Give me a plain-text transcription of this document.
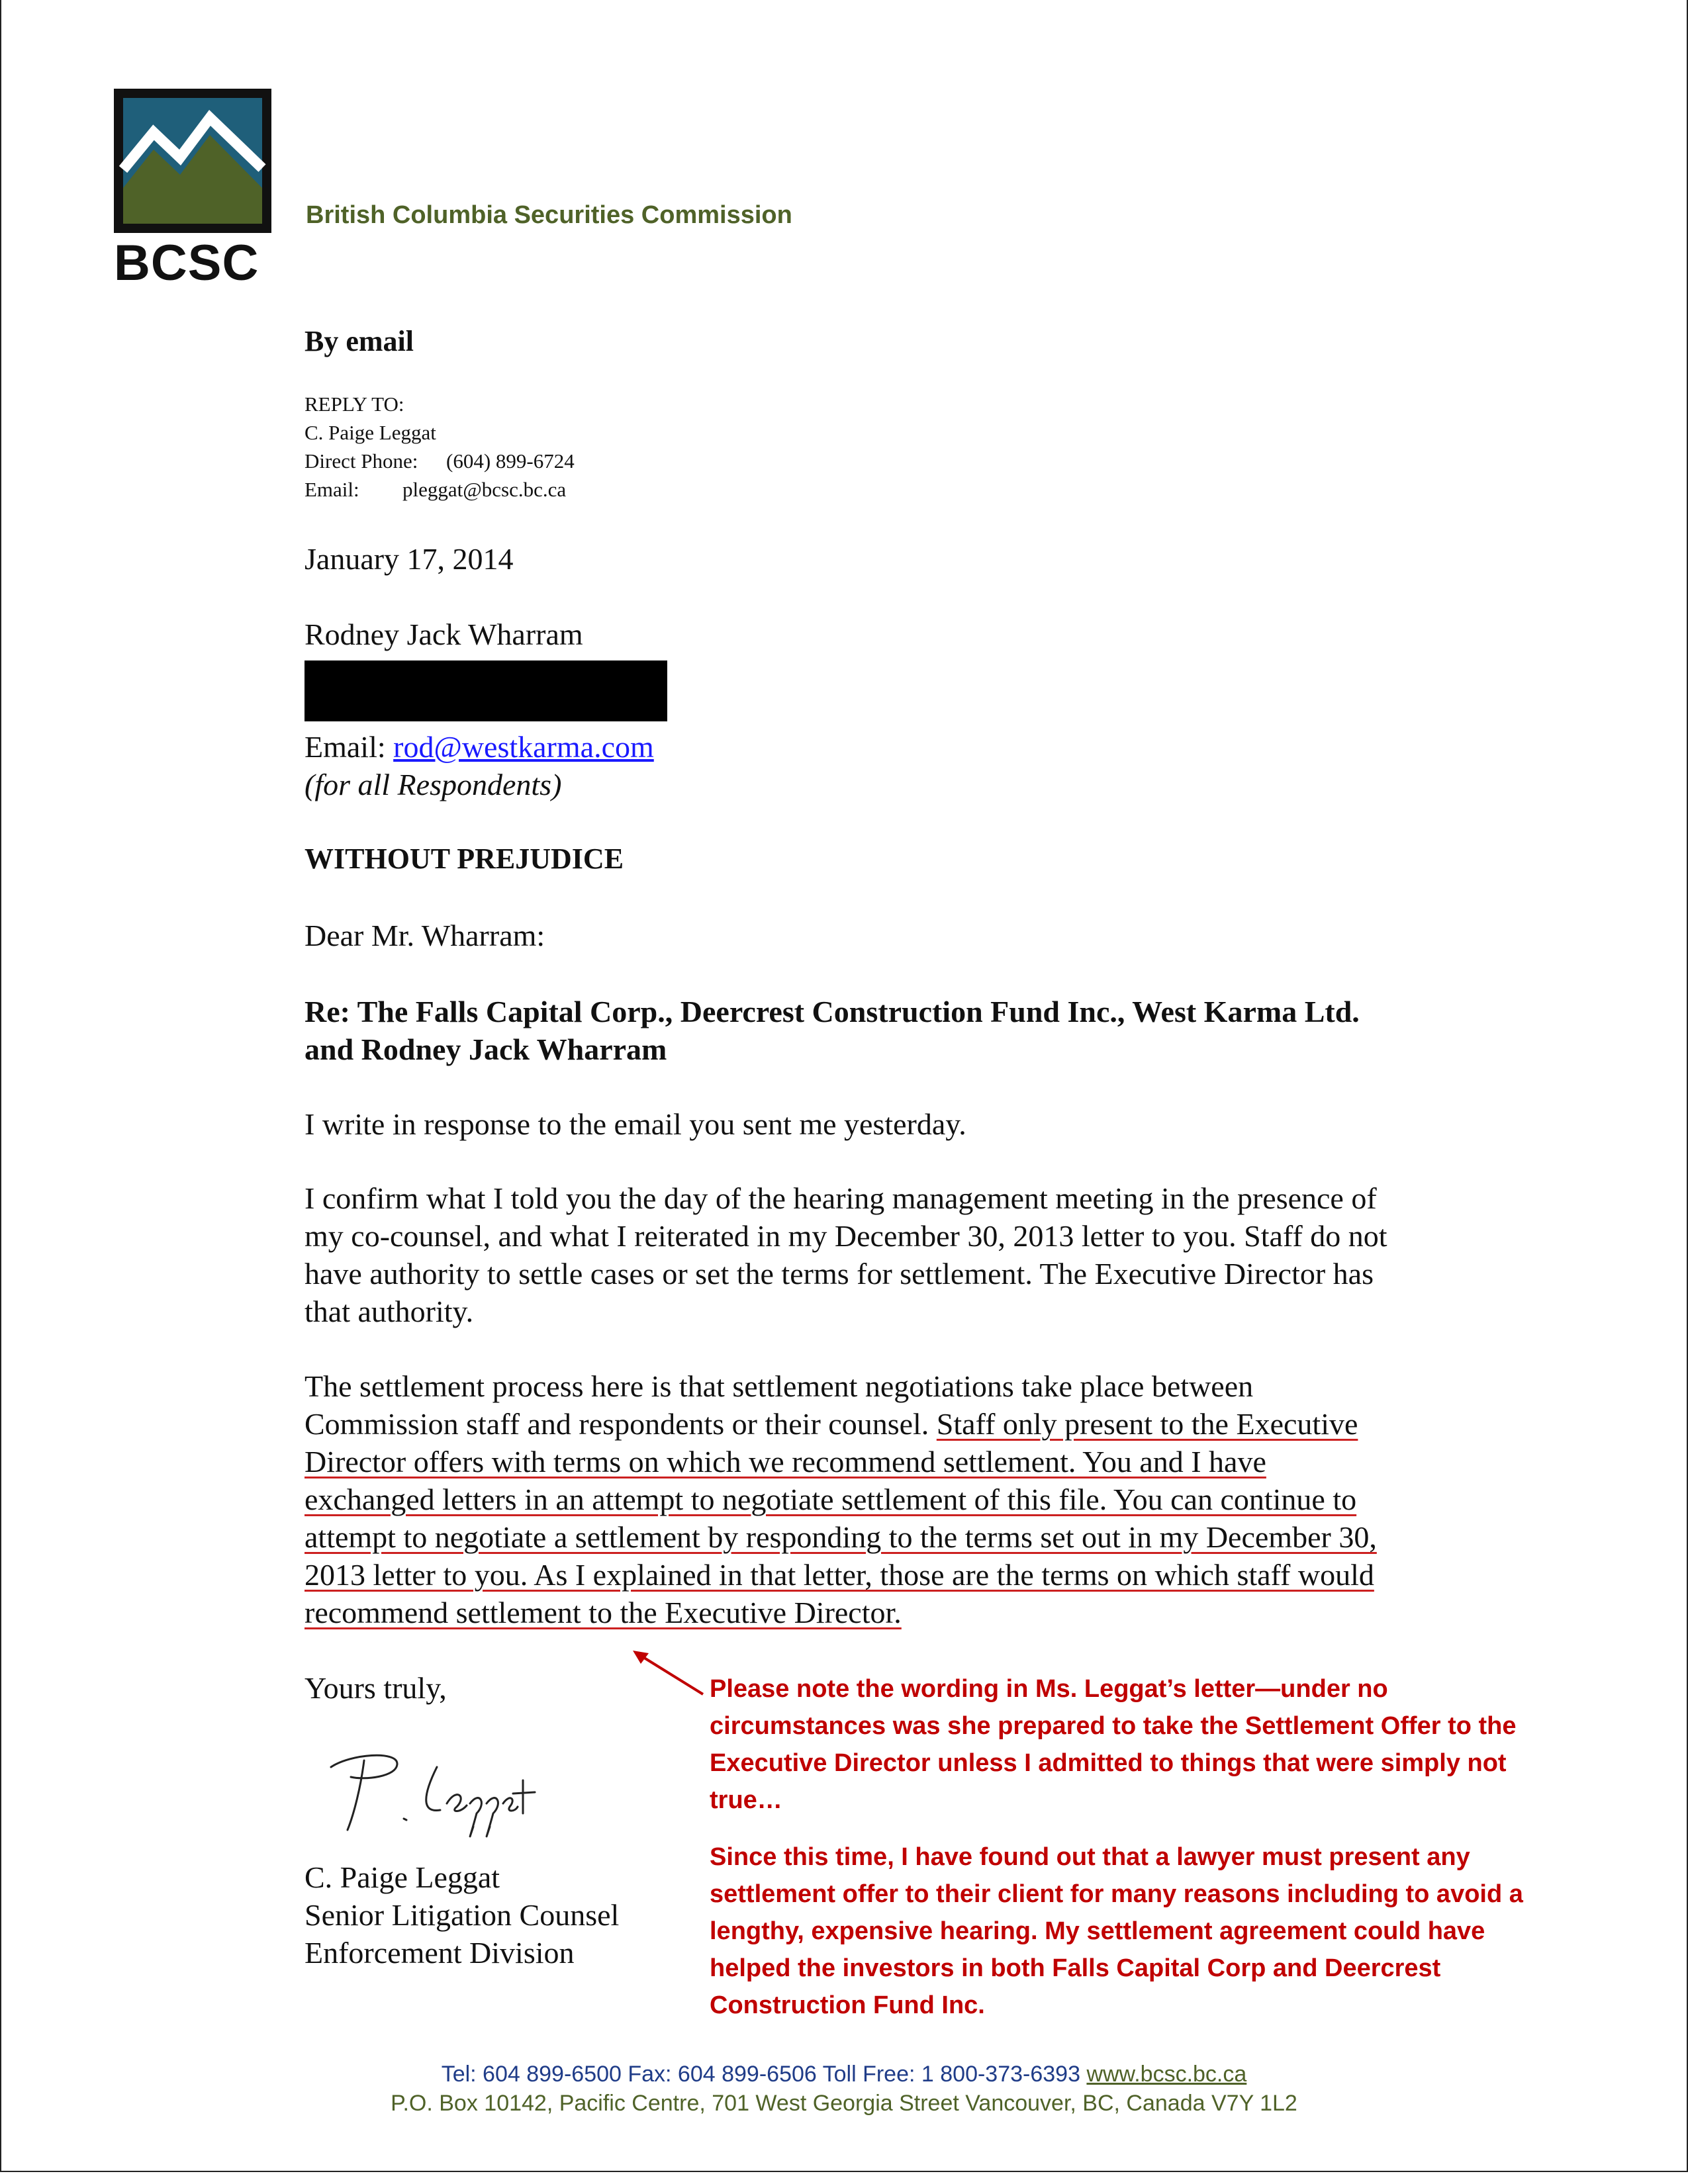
BCSC
British Columbia Securities Commission
By email
REPLY TO:
C. Paige Leggat
Direct Phone: (604) 899-6724
Email: pleggat@bcsc.bc.ca
January 17, 2014
Rodney Jack Wharram
Email: rod@westkarma.com
(for all Respondents)
WITHOUT PREJUDICE
Dear Mr. Wharram:
Re: The Falls Capital Corp., Deercrest Construction Fund Inc., West Karma Ltd.
and Rodney Jack Wharram
I write in response to the email you sent me yesterday.
I confirm what I told you the day of the hearing management meeting in the presence of
my co-counsel, and what I reiterated in my December 30, 2013 letter to you. Staff do not
have authority to settle cases or set the terms for settlement. The Executive Director has
that authority.
The settlement process here is that settlement negotiations take place between
Commission staff and respondents or their counsel. Staff only present to the Executive
Director offers with terms on which we recommend settlement. You and I have
exchanged letters in an attempt to negotiate settlement of this file. You can continue to
attempt to negotiate a settlement by responding to the terms set out in my December 30,
2013 letter to you. As I explained in that letter, those are the terms on which staff would
recommend settlement to the Executive Director.
Yours truly,
C. Paige Leggat
Senior Litigation Counsel
Enforcement Division
Please note the wording in Ms. Leggat’s letter—under no
circumstances was she prepared to take the Settlement Offer to the
Executive Director unless I admitted to things that were simply not
true…
Since this time, I have found out that a lawyer must present any
settlement offer to their client for many reasons including to avoid a
lengthy, expensive hearing. My settlement agreement could have
helped the investors in both Falls Capital Corp and Deercrest
Construction Fund Inc.
Tel: 604 899-6500 Fax: 604 899-6506 Toll Free: 1 800-373-6393 www.bcsc.bc.ca
P.O. Box 10142, Pacific Centre, 701 West Georgia Street Vancouver, BC, Canada V7Y 1L2
